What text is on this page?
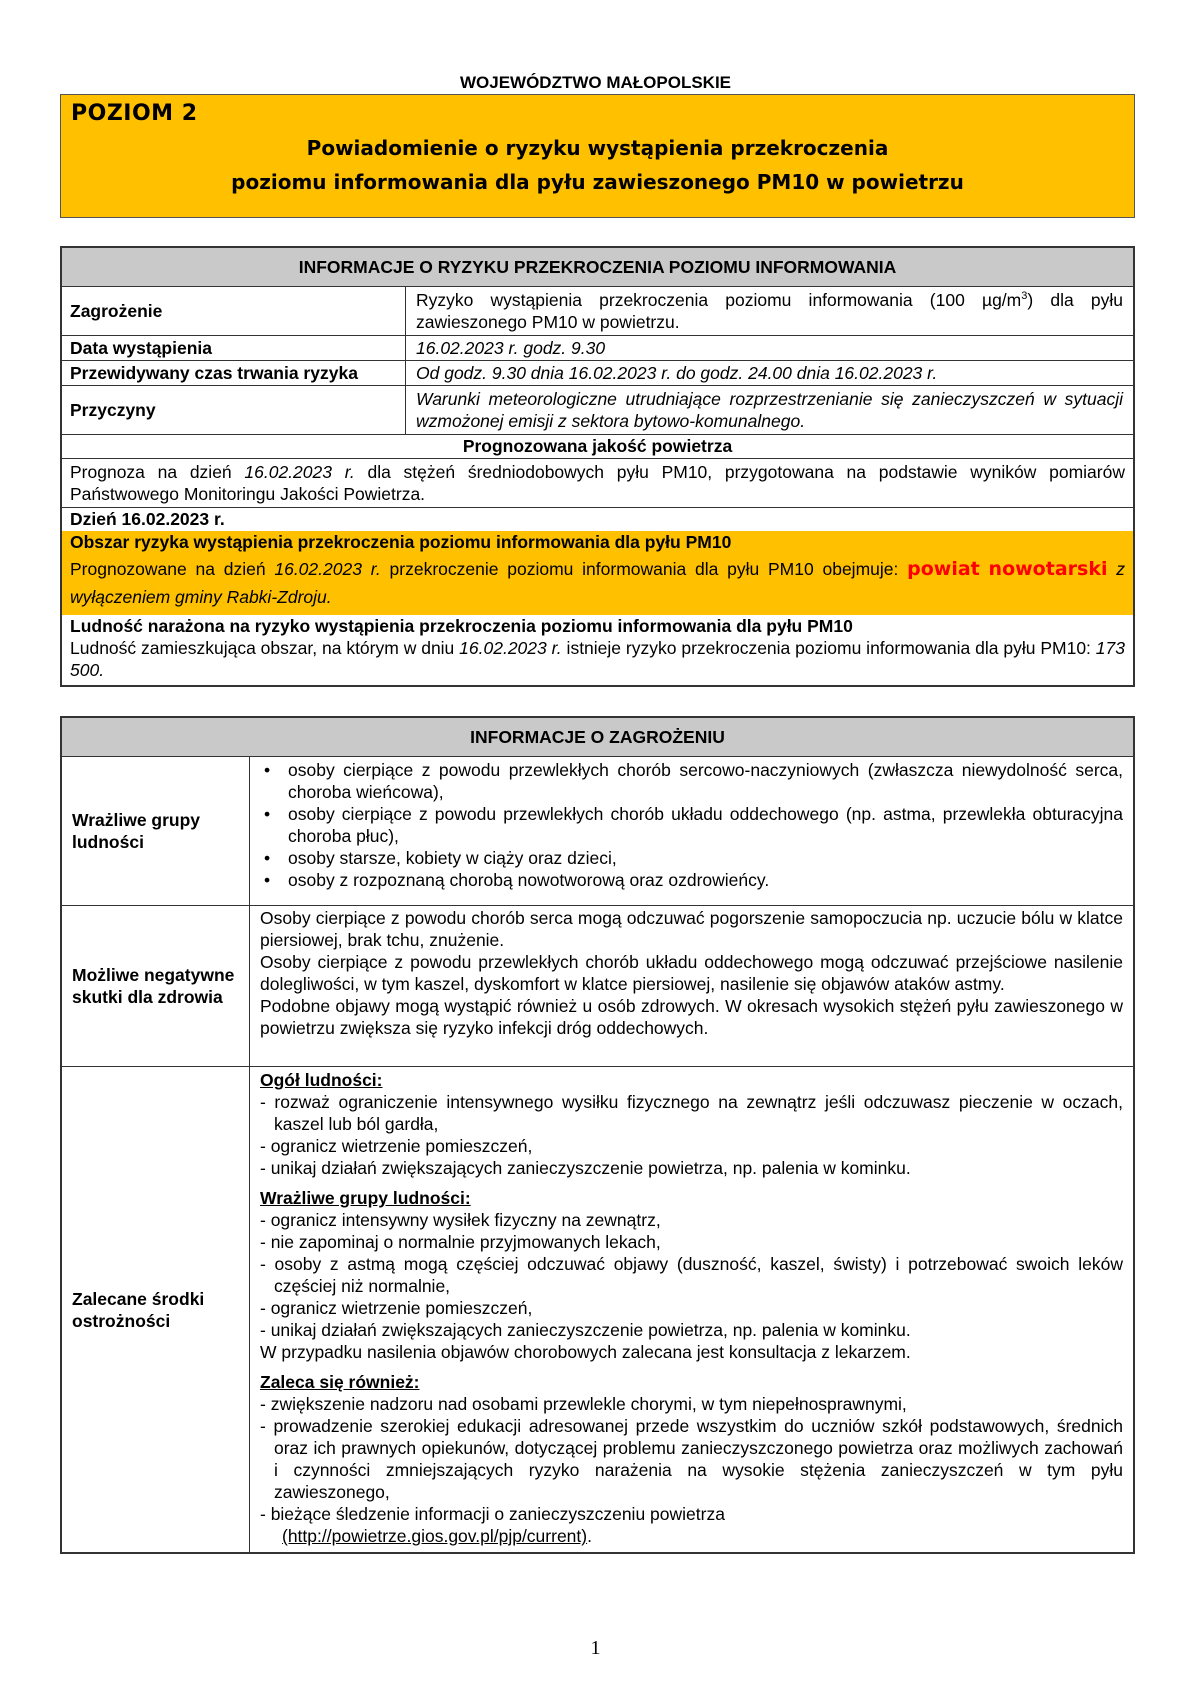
WOJEWÓDZTWO MAŁOPOLSKIE
POZIOM 2
Powiadomienie o ryzyku wystąpienia przekroczenia
poziomu informowania dla pyłu zawieszonego PM10 w powietrzu
INFORMACJE O RYZYKU PRZEKROCZENIA POZIOMU INFORMOWANIA
Zagrożenie
Ryzyko wystąpienia przekroczenia poziomu informowania (100 $\mu g/m^3$) dla pyłu zawieszonego PM10 w powietrzu.
Data wystąpienia	16.02.2023 r. godz. 9.30
Przewidywany czas trwania ryzyka	Od godz. 9.30 dnia 16.02.2023 r. do godz. 24.00 dnia 16.02.2023 r.
Przyczyny
Warunki meteorologiczne utrudniające rozprzestrzenianie się zanieczyszczeń w sytuacji wzmożonej emisji z sektora bytowo-komunalnego.
Prognozowana jakość powietrza
Prognoza na dzień 16.02.2023 r. dla stężeń średniodobowych pyłu PM10, przygotowana na podstawie wyników pomiarów Państwowego Monitoringu Jakości Powietrza.
Dzień 16.02.2023 r.
Obszar ryzyka wystąpienia przekroczenia poziomu informowania dla pyłu PM10
Prognozowane na dzień 16.02.2023 r. przekroczenie poziomu informowania dla pyłu PM10 obejmuje: powiat nowotarski z wyłączeniem gminy Rabki-Zdroju.
Ludność narażona na ryzyko wystąpienia przekroczenia poziomu informowania dla pyłu PM10
Ludność zamieszkująca obszar, na którym w dniu 16.02.2023 r. istnieje ryzyko przekroczenia poziomu informowania dla pyłu PM10: 173 500.
INFORMACJE O ZAGROŻENIU
Wrażliwe grupy ludności
• osoby cierpiące z powodu przewlekłych chorób sercowo-naczyniowych (zwłaszcza niewydolność serca, choroba wieńcowa),
• osoby cierpiące z powodu przewlekłych chorób układu oddechowego (np. astma, przewlekła obturacyjna choroba płuc),
• osoby starsze, kobiety w ciąży oraz dzieci,
• osoby z rozpoznaną chorobą nowotworową oraz ozdrowieńcy.
Możliwe negatywne skutki dla zdrowia
Osoby cierpiące z powodu chorób serca mogą odczuwać pogorszenie samopoczucia np. uczucie bólu w klatce piersiowej, brak tchu, znużenie.
Osoby cierpiące z powodu przewlekłych chorób układu oddechowego mogą odczuwać przejściowe nasilenie dolegliwości, w tym kaszel, dyskomfort w klatce piersiowej, nasilenie się objawów ataków astmy.
Podobne objawy mogą wystąpić również u osób zdrowych. W okresach wysokich stężeń pyłu zawieszonego w powietrzu zwiększa się ryzyko infekcji dróg oddechowych.
Zalecane środki ostrożności
Ogół ludności:
- rozważ ograniczenie intensywnego wysiłku fizycznego na zewnątrz jeśli odczuwasz pieczenie w oczach, kaszel lub ból gardła,
- ogranicz wietrzenie pomieszczeń,
- unikaj działań zwiększających zanieczyszczenie powietrza, np. palenia w kominku.
Wrażliwe grupy ludności:
- ogranicz intensywny wysiłek fizyczny na zewnątrz,
- nie zapominaj o normalnie przyjmowanych lekach,
- osoby z astmą mogą częściej odczuwać objawy (duszność, kaszel, świsty) i potrzebować swoich leków częściej niż normalnie,
- ogranicz wietrzenie pomieszczeń,
- unikaj działań zwiększających zanieczyszczenie powietrza, np. palenia w kominku.
W przypadku nasilenia objawów chorobowych zalecana jest konsultacja z lekarzem.
Zaleca się również:
- zwiększenie nadzoru nad osobami przewlekle chorymi, w tym niepełnosprawnymi,
- prowadzenie szerokiej edukacji adresowanej przede wszystkim do uczniów szkół podstawowych, średnich oraz ich prawnych opiekunów, dotyczącej problemu zanieczyszczonego powietrza oraz możliwych zachowań i czynności zmniejszających ryzyko narażenia na wysokie stężenia zanieczyszczeń w tym pyłu zawieszonego,
- bieżące śledzenie informacji o zanieczyszczeniu powietrza
(http://powietrze.gios.gov.pl/pjp/current).
1
